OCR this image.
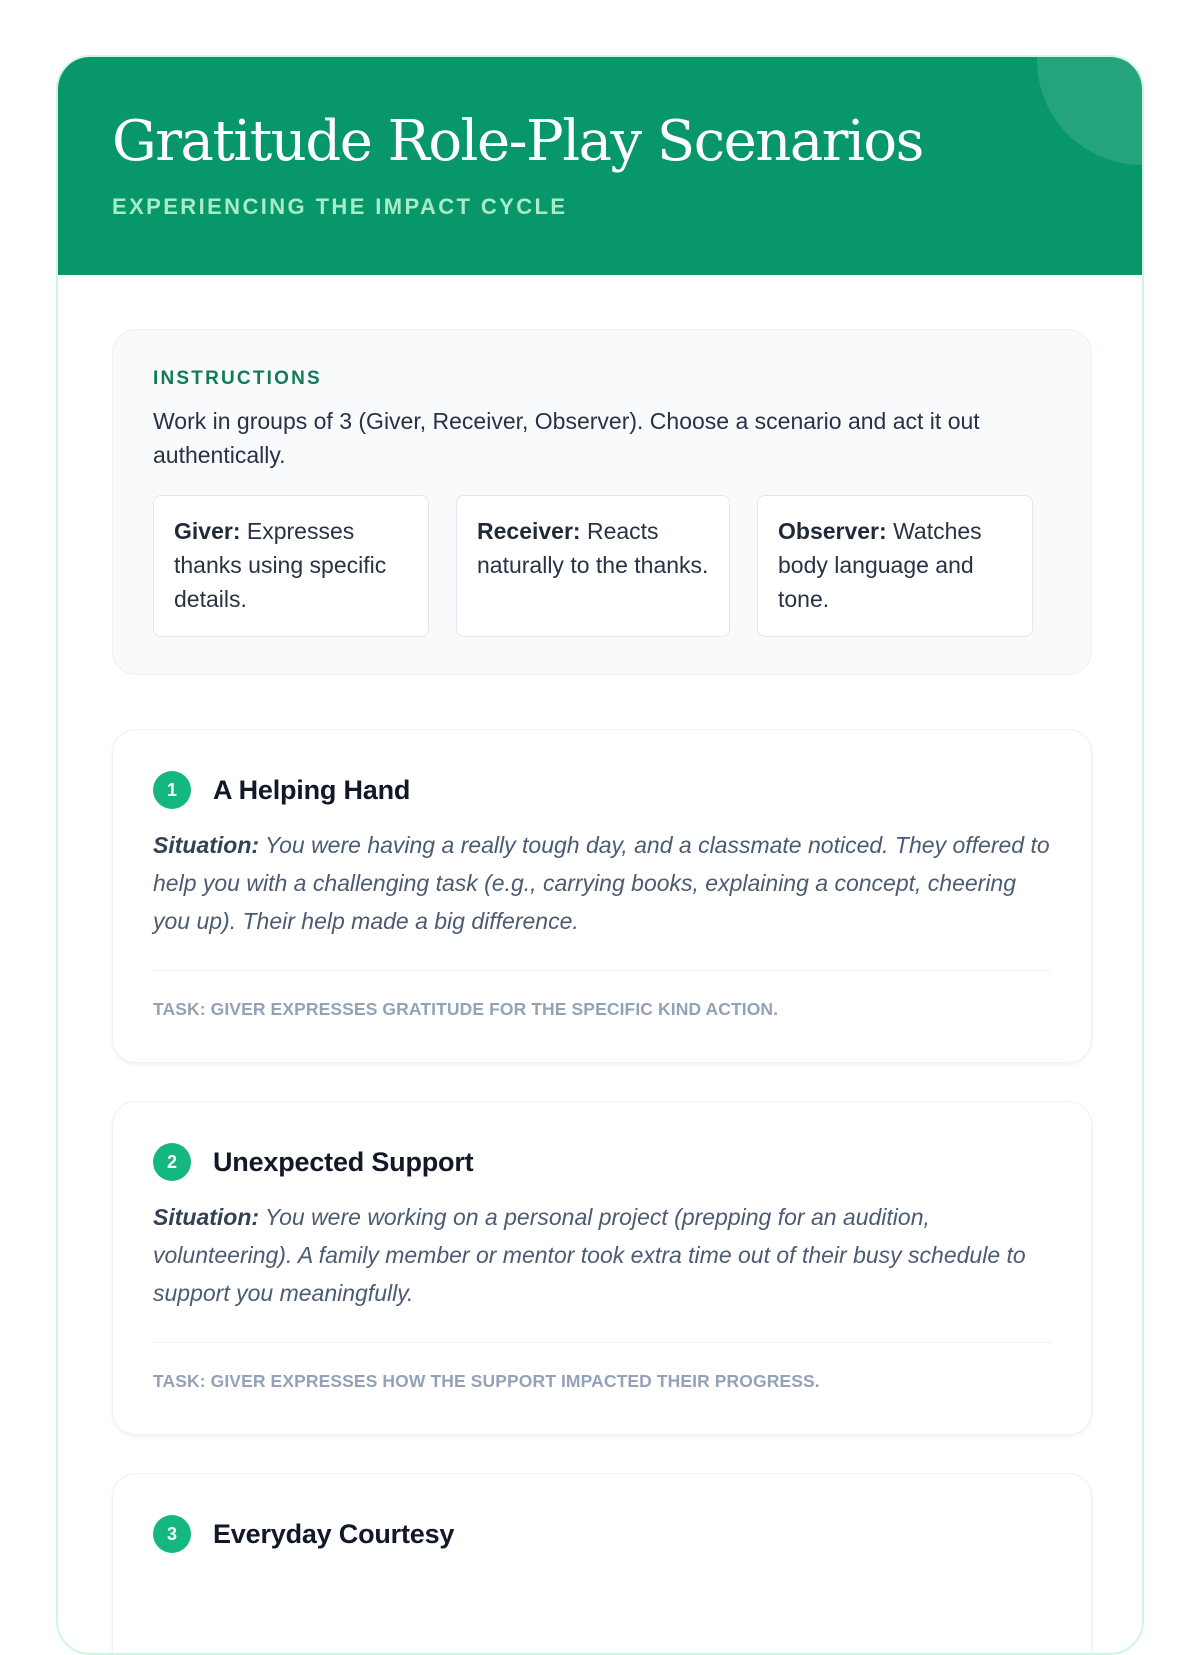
Gratitude Role-Play Scenarios
EXPERIENCING THE IMPACT CYCLE
INSTRUCTIONS
Work in groups of 3 (Giver, Receiver, Observer). Choose a scenario and act it out authentically.
Giver: Expresses thanks using specific details.
Receiver: Reacts naturally to the thanks.
Observer: Watches body language and tone.
1	A Helping Hand
Situation: You were having a really tough day, and a classmate noticed. They offered to help you with a challenging task (e.g., carrying books, explaining a concept, cheering you up). Their help made a big difference.
TASK: GIVER EXPRESSES GRATITUDE FOR THE SPECIFIC KIND ACTION.
2	Unexpected Support
Situation: You were working on a personal project (prepping for an audition, volunteering). A family member or mentor took extra time out of their busy schedule to support you meaningfully.
TASK: GIVER EXPRESSES HOW THE SUPPORT IMPACTED THEIR PROGRESS.
3	Everyday Courtesy
